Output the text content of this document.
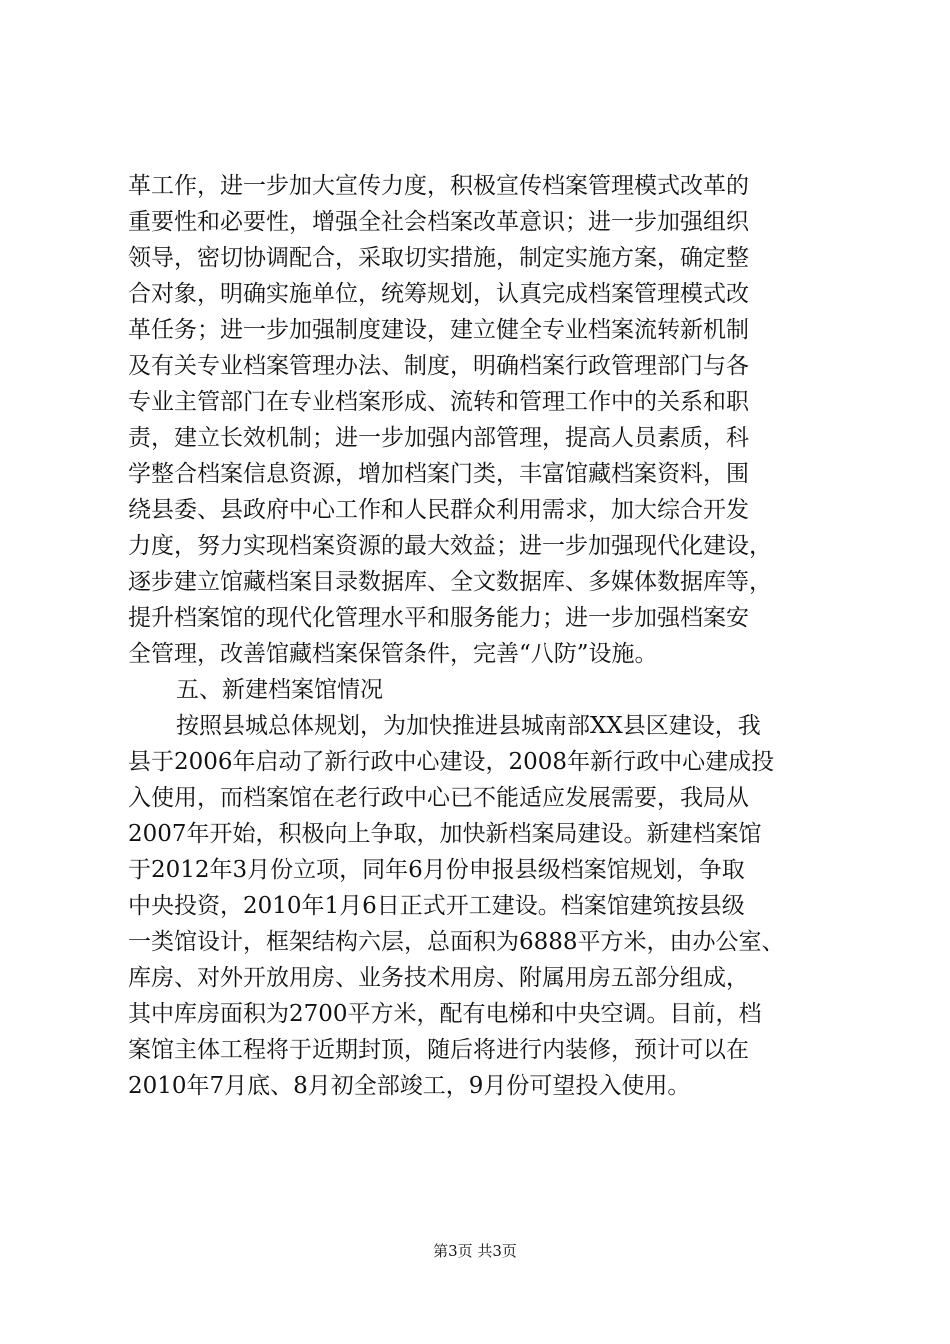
革工作，进一步加大宣传力度，积极宣传档案管理模式改革的
重要性和必要性，增强全社会档案改革意识；进一步加强组织
领导，密切协调配合，采取切实措施，制定实施方案，确定整
合对象，明确实施单位，统筹规划，认真完成档案管理模式改
革任务；进一步加强制度建设，建立健全专业档案流转新机制
及有关专业档案管理办法、制度，明确档案行政管理部门与各
专业主管部门在专业档案形成、流转和管理工作中的关系和职
责，建立长效机制；进一步加强内部管理，提高人员素质，科
学整合档案信息资源，增加档案门类，丰富馆藏档案资料，围
绕县委、县政府中心工作和人民群众利用需求，加大综合开发
力度，努力实现档案资源的最大效益；进一步加强现代化建设，
逐步建立馆藏档案目录数据库、全文数据库、多媒体数据库等，
提升档案馆的现代化管理水平和服务能力；进一步加强档案安
全管理，改善馆藏档案保管条件，完善“八防”设施。
五、新建档案馆情况
按照县城总体规划，为加快推进县城南部XX县区建设，我
县于2006年启动了新行政中心建设，2008年新行政中心建成投
入使用，而档案馆在老行政中心已不能适应发展需要，我局从
2007年开始，积极向上争取，加快新档案局建设。新建档案馆
于2012年3月份立项，同年6月份申报县级档案馆规划，争取
中央投资，2010年1月6日正式开工建设。档案馆建筑按县级
一类馆设计，框架结构六层，总面积为6888平方米，由办公室、
库房、对外开放用房、业务技术用房、附属用房五部分组成，
其中库房面积为2700平方米，配有电梯和中央空调。目前，档
案馆主体工程将于近期封顶，随后将进行内装修，预计可以在
2010年7月底、8月初全部竣工，9月份可望投入使用。
第3页 共3页
